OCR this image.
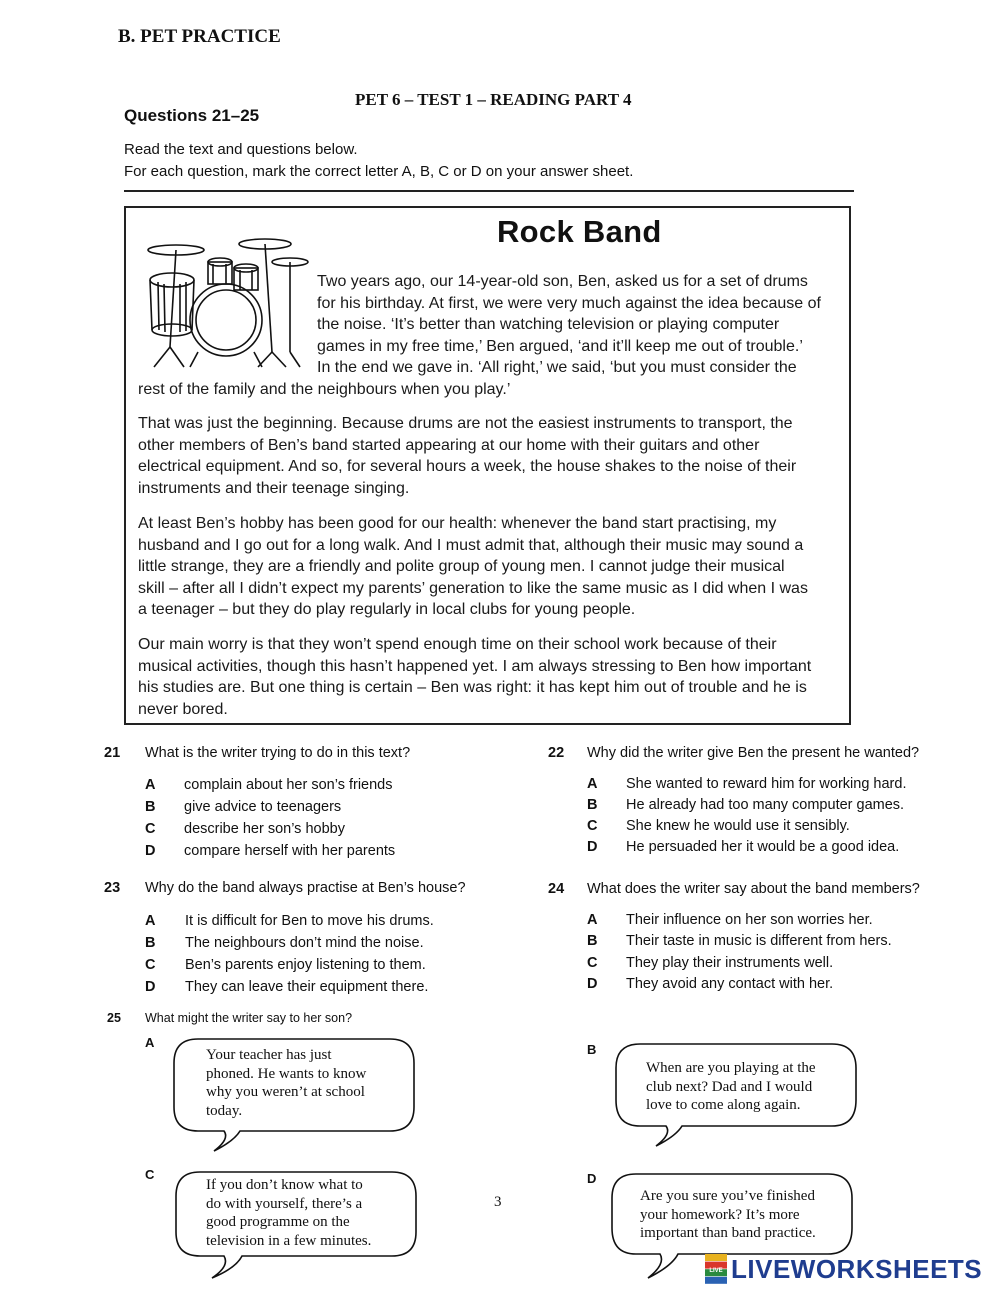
B. PET PRACTICE
PET 6 – TEST 1 – READING PART 4
Questions 21–25
Read the text and questions below.
For each question, mark the correct letter A, B, C or D on your answer sheet.
Rock Band
Two years ago, our 14-year-old son, Ben, asked us for a set of drums
for his birthday. At first, we were very much against the idea because of
the noise. ‘It’s better than watching television or playing computer
games in my free time,’ Ben argued, ‘and it’ll keep me out of trouble.’
In the end we gave in. ‘All right,’ we said, ‘but you must consider the
rest of the family and the neighbours when you play.’
That was just the beginning. Because drums are not the easiest instruments to transport, the
other members of Ben’s band started appearing at our home with their guitars and other
electrical equipment. And so, for several hours a week, the house shakes to the noise of their
instruments and their teenage singing.
At least Ben’s hobby has been good for our health: whenever the band start practising, my
husband and I go out for a long walk. And I must admit that, although their music may sound a
little strange, they are a friendly and polite group of young men. I cannot judge their musical
skill – after all I didn’t expect my parents’ generation to like the same music as I did when I was
a teenager – but they do play regularly in local clubs for young people.
Our main worry is that they won’t spend enough time on their school work because of their
musical activities, though this hasn’t happened yet. I am always stressing to Ben how important
his studies are. But one thing is certain – Ben was right: it has kept him out of trouble and he is
never bored.
21 What is the writer trying to do in this text?
A complain about her son’s friends
B give advice to teenagers
C describe her son’s hobby
D compare herself with her parents
22 Why did the writer give Ben the present he wanted?
A She wanted to reward him for working hard.
B He already had too many computer games.
C She knew he would use it sensibly.
D He persuaded her it would be a good idea.
23 Why do the band always practise at Ben’s house?
A It is difficult for Ben to move his drums.
B The neighbours don’t mind the noise.
C Ben’s parents enjoy listening to them.
D They can leave their equipment there.
24 What does the writer say about the band members?
A Their influence on her son worries her.
B Their taste in music is different from hers.
C They play their instruments well.
D They avoid any contact with her.
25 What might the writer say to her son?
A
Your teacher has just
phoned. He wants to know
why you weren’t at school
today.
B
When are you playing at the
club next? Dad and I would
love to come along again.
C
If you don’t know what to
do with yourself, there’s a
good programme on the
television in a few minutes.
D
Are you sure you’ve finished
your homework? It’s more
important than band practice.
3
LIVE LIVEWORKSHEETS
